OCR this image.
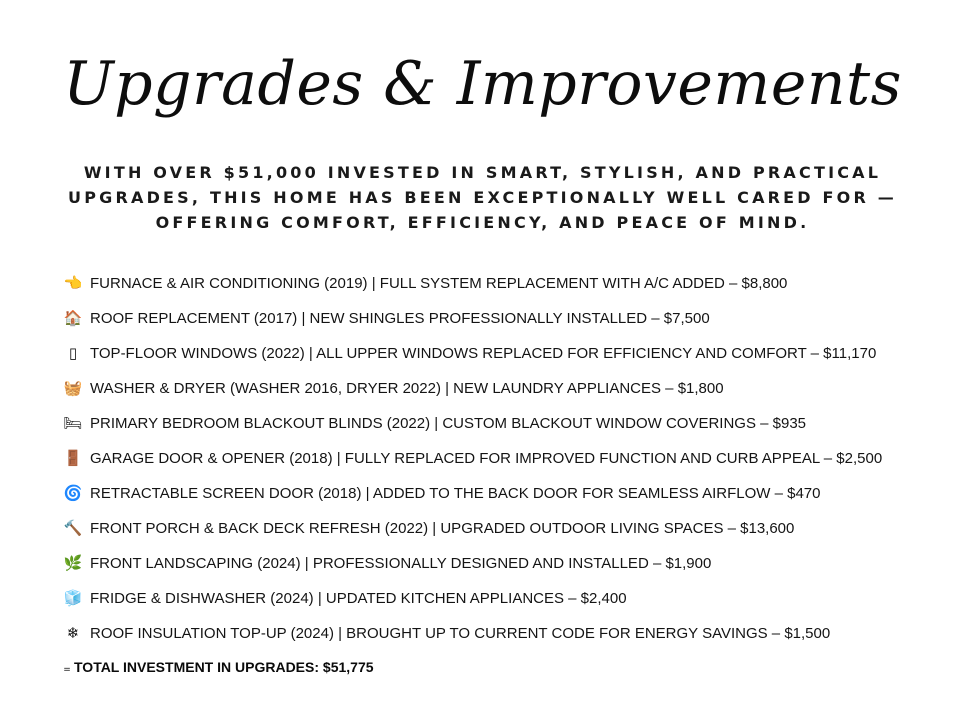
Upgrades & Improvements
WITH OVER $51,000 INVESTED IN SMART, STYLISH, AND PRACTICAL UPGRADES, THIS HOME HAS BEEN EXCEPTIONALLY WELL CARED FOR —OFFERING COMFORT, EFFICIENCY, AND PEACE OF MIND.
👈 FURNACE & AIR CONDITIONING (2019) | FULL SYSTEM REPLACEMENT WITH A/C ADDED – $8,800
🏠 ROOF REPLACEMENT (2017) | NEW SHINGLES PROFESSIONALLY INSTALLED – $7,500
▯ TOP-FLOOR WINDOWS (2022) | ALL UPPER WINDOWS REPLACED FOR EFFICIENCY AND COMFORT – $11,170
🧺 WASHER & DRYER (WASHER 2016, DRYER 2022) | NEW LAUNDRY APPLIANCES – $1,800
🛏 PRIMARY BEDROOM BLACKOUT BLINDS (2022) | CUSTOM BLACKOUT WINDOW COVERINGS – $935
🚪 GARAGE DOOR & OPENER (2018) | FULLY REPLACED FOR IMPROVED FUNCTION AND CURB APPEAL – $2,500
🌀 RETRACTABLE SCREEN DOOR (2018) | ADDED TO THE BACK DOOR FOR SEAMLESS AIRFLOW – $470
🔨 FRONT PORCH & BACK DECK REFRESH (2022) | UPGRADED OUTDOOR LIVING SPACES – $13,600
🌿 FRONT LANDSCAPING (2024) | PROFESSIONALLY DESIGNED AND INSTALLED – $1,900
🧊 FRIDGE & DISHWASHER (2024) | UPDATED KITCHEN APPLIANCES – $2,400
❄ ROOF INSULATION TOP-UP (2024) | BROUGHT UP TO CURRENT CODE FOR ENERGY SAVINGS – $1,500
= TOTAL INVESTMENT IN UPGRADES: $51,775
